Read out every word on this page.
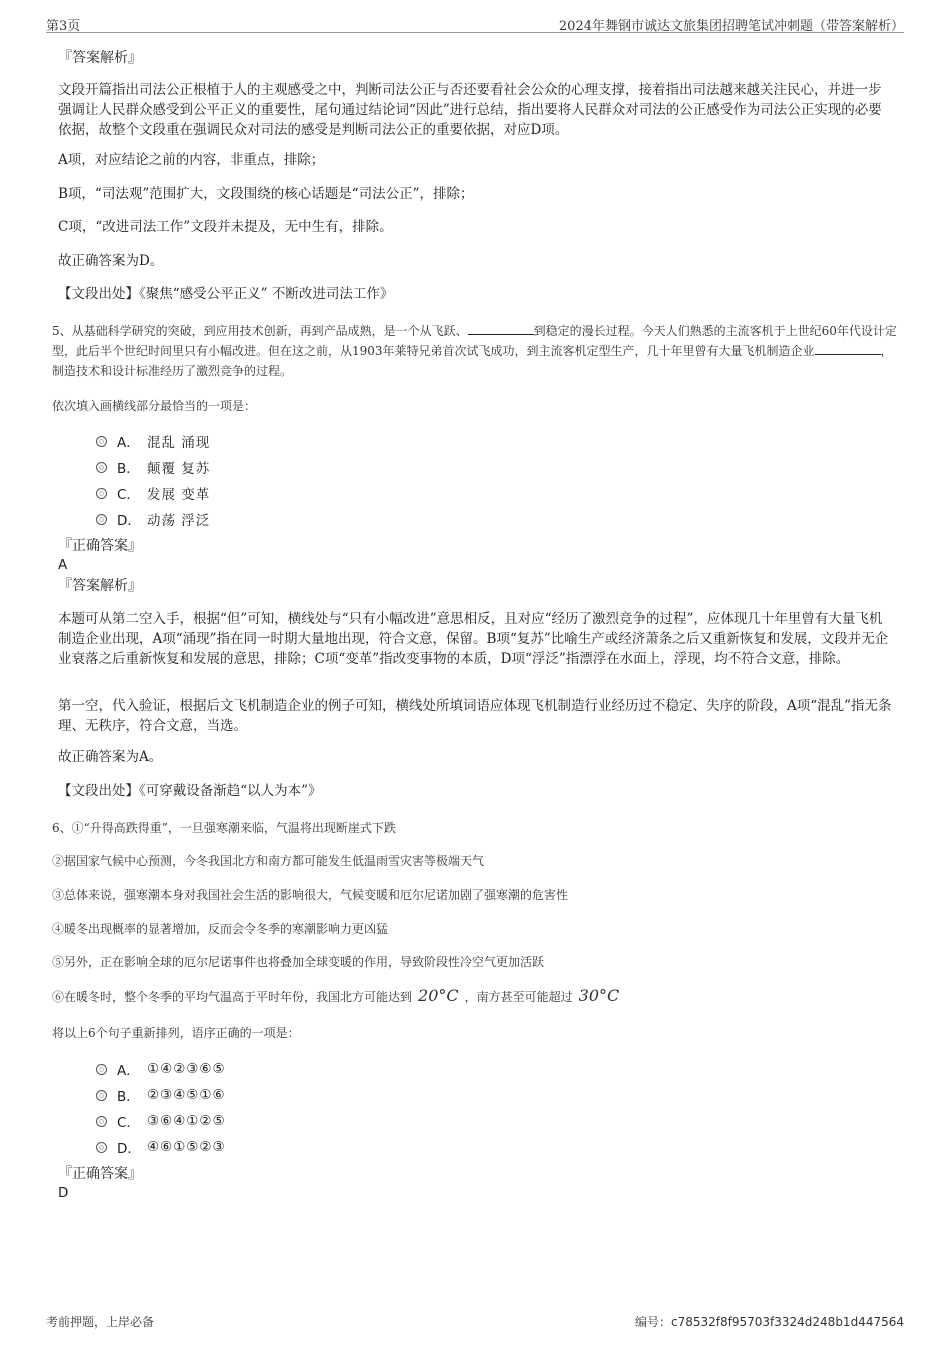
第3页	2024年舞钢市诚达文旅集团招聘笔试冲刺题（带答案解析）
『答案解析』
文段开篇指出司法公正根植于人的主观感受之中，判断司法公正与否还要看社会公众的心理支撑，接着指出司法越来越关注民心，并进一步强调让人民群众感受到公平正义的重要性，尾句通过结论词“因此”进行总结，指出要将人民群众对司法的公正感受作为司法公正实现的必要依据，故整个文段重在强调民众对司法的感受是判断司法公正的重要依据，对应D项。
A项，对应结论之前的内容，非重点，排除；
B项，“司法观”范围扩大，文段围绕的核心话题是“司法公正”，排除；
C项，“改进司法工作”文段并未提及，无中生有，排除。
故正确答案为D。
【文段出处】《聚焦“感受公平正义” 不断改进司法工作》
5、从基础科学研究的突破，到应用技术创新，再到产品成熟，是一个从飞跃、	到稳定的漫长过程。今天人们熟悉的主流客机于上世纪60年代设计定型，此后半个世纪时间里只有小幅改进。但在这之前，从1903年莱特兄弟首次试飞成功，到主流客机定型生产，几十年里曾有大量飞机制造企业	，制造技术和设计标准经历了激烈竞争的过程。
依次填入画横线部分最恰当的一项是：
A． 混乱 涌现
B． 颠覆 复苏
C． 发展 变革
D． 动荡 浮泛
『正确答案』
A
『答案解析』
本题可从第二空入手，根据“但”可知，横线处与“只有小幅改进”意思相反，且对应“经历了激烈竞争的过程”，应体现几十年里曾有大量飞机制造企业出现，A项“涌现”指在同一时期大量地出现，符合文意，保留。B项“复苏”比喻生产或经济萧条之后又重新恢复和发展，文段并无企业衰落之后重新恢复和发展的意思，排除；C项“变革”指改变事物的本质，D项“浮泛”指漂浮在水面上，浮现，均不符合文意，排除。
第一空，代入验证，根据后文飞机制造企业的例子可知，横线处所填词语应体现飞机制造行业经历过不稳定、失序的阶段，A项“混乱”指无条理、无秩序，符合文意，当选。
故正确答案为A。
【文段出处】《可穿戴设备渐趋“以人为本”》
6、①“升得高跌得重”，一旦强寒潮来临，气温将出现断崖式下跌
②据国家气候中心预测，今冬我国北方和南方都可能发生低温雨雪灾害等极端天气
③总体来说，强寒潮本身对我国社会生活的影响很大，气候变暖和厄尔尼诺加剧了强寒潮的危害性
④暖冬出现概率的显著增加，反而会令冬季的寒潮影响力更凶猛
⑤另外，正在影响全球的厄尔尼诺事件也将叠加全球变暖的作用，导致阶段性冷空气更加活跃
⑥在暖冬时，整个冬季的平均气温高于平时年份，我国北方可能达到 20°C ，南方甚至可能超过 30°C
将以上6个句子重新排列，语序正确的一项是：
A． ①④②③⑥⑤
B． ②③④⑤①⑥
C． ③⑥④①②⑤
D． ④⑥①⑤②③
『正确答案』
D
考前押题，上岸必备	编号：c78532f8f95703f3324d248b1d447564
